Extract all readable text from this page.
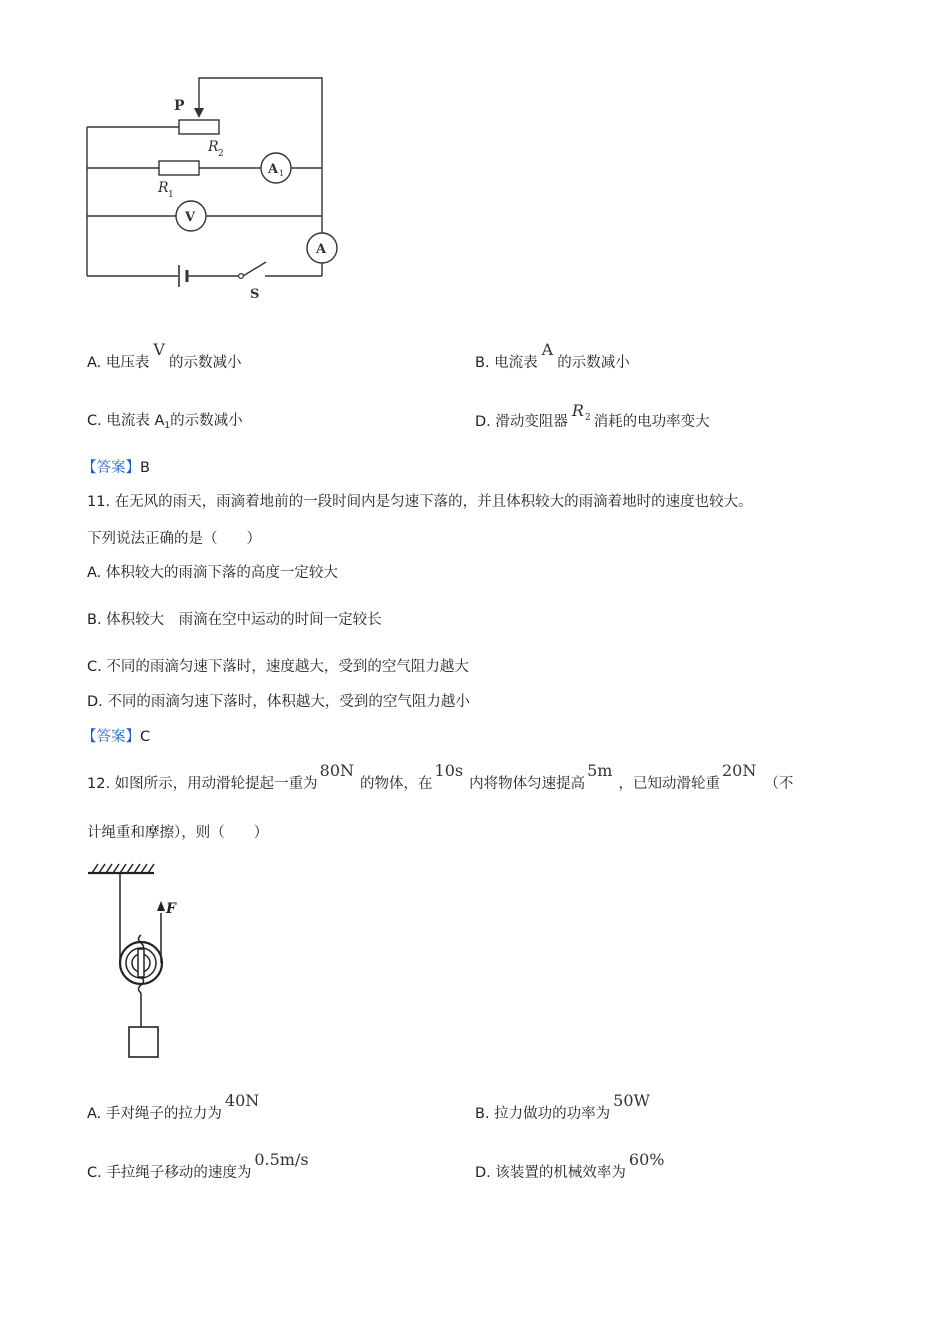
P
R 2
R 1
A 1
V
A
S
A. 电压表V的示数减小	B. 电流表A的示数减小
C. 电流表 $A_1$的示数减小	D. 滑动变阻器$R^2$ 消耗的电功率变大
【答案】B
11. 在无风的雨天，雨滴着地前的一段时间内是匀速下落的，并且体积较大的雨滴着地时的速度也较大。
下列说法正确的是（　　）
A. 体积较大的雨滴下落的高度一定较大
B. 体积较大　雨滴在空中运动的时间一定较长
C. 不同的雨滴匀速下落时，速度越大，受到的空气阻力越大
D. 不同的雨滴匀速下落时，体积越大，受到的空气阻力越小
【答案】C
12. 如图所示，用动滑轮提起一重为80N的物体，在10s内将物体匀速提高5m，已知动滑轮重20N（不
计绳重和摩擦），则（　　）
F
A. 手对绳子的拉力为40N
B. 拉力做功的功率为50W
C. 手拉绳子移动的速度为0.5m/s
D. 该装置的机械效率为60%
